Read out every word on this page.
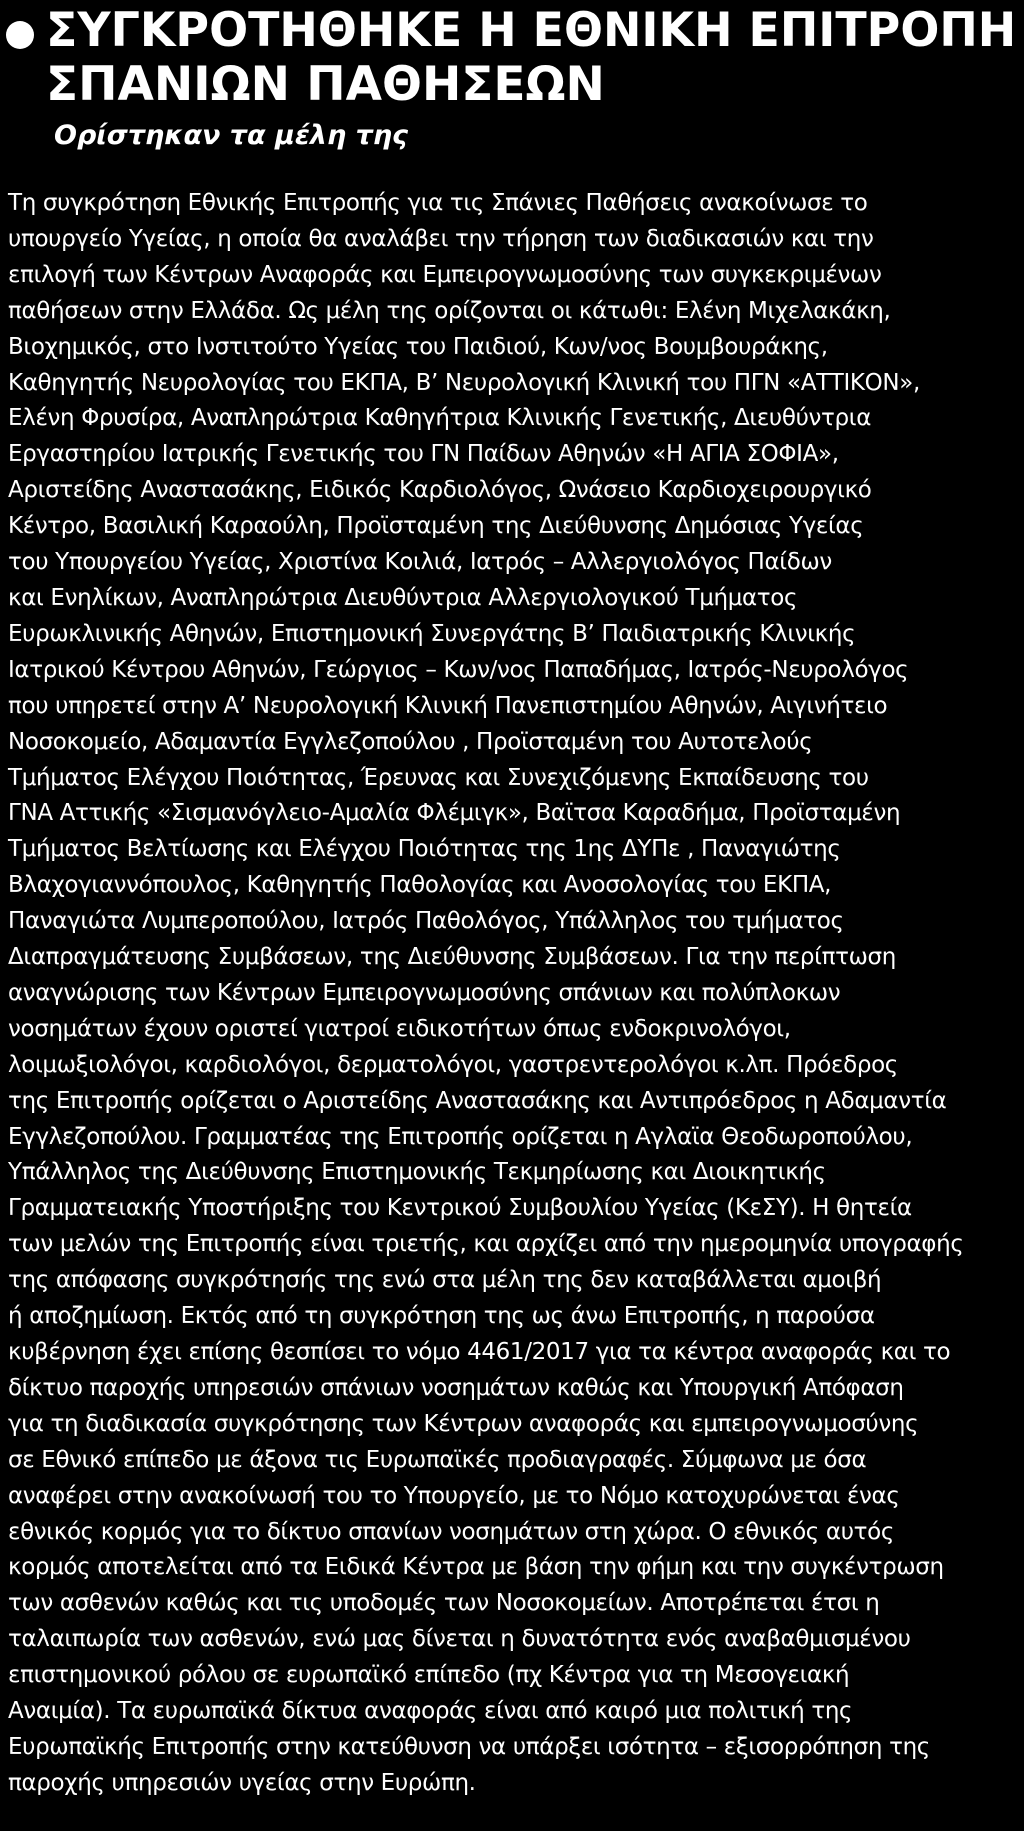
ΣΥΓΚΡΟΤΗΘΗΚΕ Η ΕΘΝΙΚΗ ΕΠΙΤΡΟΠΗ
ΣΠΑΝΙΩΝ ΠΑΘΗΣΕΩΝ
Ορίστηκαν τα μέλη της
Τη συγκρότηση Εθνικής Επιτροπής για τις Σπάνιες Παθήσεις ανακοίνωσε το
υπουργείο Υγείας, η οποία θα αναλάβει την τήρηση των διαδικασιών και την
επιλογή των Κέντρων Αναφοράς και Εμπειρογνωμοσύνης των συγκεκριμένων
παθήσεων στην Ελλάδα. Ως μέλη της ορίζονται οι κάτωθι: Ελένη Μιχελακάκη,
Βιοχημικός, στο Ινστιτούτο Υγείας του Παιδιού, Κων/νος Βουμβουράκης,
Καθηγητής Νευρολογίας του ΕΚΠΑ, Β’ Νευρολογική Κλινική του ΠΓΝ «ΑΤΤΙΚΟΝ»,
Ελένη Φρυσίρα, Αναπληρώτρια Καθηγήτρια Κλινικής Γενετικής, Διευθύντρια
Εργαστηρίου Ιατρικής Γενετικής του ΓΝ Παίδων Αθηνών «Η ΑΓΙΑ ΣΟΦΙΑ»,
Αριστείδης Αναστασάκης, Ειδικός Καρδιολόγος, Ωνάσειο Καρδιοχειρουργικό
Κέντρο, Βασιλική Καραούλη, Προϊσταμένη της Διεύθυνσης Δημόσιας Υγείας
του Υπουργείου Υγείας, Χριστίνα Κοιλιά, Ιατρός – Αλλεργιολόγος Παίδων
και Ενηλίκων, Αναπληρώτρια Διευθύντρια Αλλεργιολογικού Τμήματος
Ευρωκλινικής Αθηνών, Επιστημονική Συνεργάτης Β’ Παιδιατρικής Κλινικής
Ιατρικού Κέντρου Αθηνών, Γεώργιος – Κων/νος Παπαδήμας, Ιατρός-Νευρολόγος
που υπηρετεί στην Α’ Νευρολογική Κλινική Πανεπιστημίου Αθηνών, Αιγινήτειο
Νοσοκομείο, Αδαμαντία Εγγλεζοπούλου , Προϊσταμένη του Αυτοτελούς
Τμήματος Ελέγχου Ποιότητας, Έρευνας και Συνεχιζόμενης Εκπαίδευσης του
ΓΝΑ Αττικής «Σισμανόγλειο-Αμαλία Φλέμιγκ», Βαϊτσα Καραδήμα, Προϊσταμένη
Τμήματος Βελτίωσης και Ελέγχου Ποιότητας της 1ης ΔΥΠε , Παναγιώτης
Βλαχογιαννόπουλος, Καθηγητής Παθολογίας και Ανοσολογίας του ΕΚΠΑ,
Παναγιώτα Λυμπεροπούλου, Ιατρός Παθολόγος, Υπάλληλος του τμήματος
Διαπραγμάτευσης Συμβάσεων, της Διεύθυνσης Συμβάσεων. Για την περίπτωση
αναγνώρισης των Κέντρων Εμπειρογνωμοσύνης σπάνιων και πολύπλοκων
νοσημάτων έχουν οριστεί γιατροί ειδικοτήτων όπως ενδοκρινολόγοι,
λοιμωξιολόγοι, καρδιολόγοι, δερματολόγοι, γαστρεντερολόγοι κ.λπ. Πρόεδρος
της Επιτροπής ορίζεται ο Αριστείδης Αναστασάκης και Αντιπρόεδρος η Αδαμαντία
Εγγλεζοπούλου. Γραμματέας της Επιτροπής ορίζεται η Αγλαϊα Θεοδωροπούλου,
Υπάλληλος της Διεύθυνσης Επιστημονικής Τεκμηρίωσης και Διοικητικής
Γραμματειακής Υποστήριξης του Κεντρικού Συμβουλίου Υγείας (ΚεΣΥ). Η θητεία
των μελών της Επιτροπής είναι τριετής, και αρχίζει από την ημερομηνία υπογραφής
της απόφασης συγκρότησής της ενώ στα μέλη της δεν καταβάλλεται αμοιβή
ή αποζημίωση. Εκτός από τη συγκρότηση της ως άνω Επιτροπής, η παρούσα
κυβέρνηση έχει επίσης θεσπίσει το νόμο 4461/2017 για τα κέντρα αναφοράς και το
δίκτυο παροχής υπηρεσιών σπάνιων νοσημάτων καθώς και Υπουργική Απόφαση
για τη διαδικασία συγκρότησης των Κέντρων αναφοράς και εμπειρογνωμοσύνης
σε Εθνικό επίπεδο με άξονα τις Ευρωπαϊκές προδιαγραφές. Σύμφωνα με όσα
αναφέρει στην ανακοίνωσή του το Υπουργείο, με το Νόμο κατοχυρώνεται ένας
εθνικός κορμός για το δίκτυο σπανίων νοσημάτων στη χώρα. Ο εθνικός αυτός
κορμός αποτελείται από τα Ειδικά Κέντρα με βάση την φήμη και την συγκέντρωση
των ασθενών καθώς και τις υποδομές των Νοσοκομείων. Αποτρέπεται έτσι η
ταλαιπωρία των ασθενών, ενώ μας δίνεται η δυνατότητα ενός αναβαθμισμένου
επιστημονικού ρόλου σε ευρωπαϊκό επίπεδο (πχ Κέντρα για τη Μεσογειακή
Αναιμία). Τα ευρωπαϊκά δίκτυα αναφοράς είναι από καιρό μια πολιτική της
Ευρωπαϊκής Επιτροπής στην κατεύθυνση να υπάρξει ισότητα – εξισορρόπηση της
παροχής υπηρεσιών υγείας στην Ευρώπη.
